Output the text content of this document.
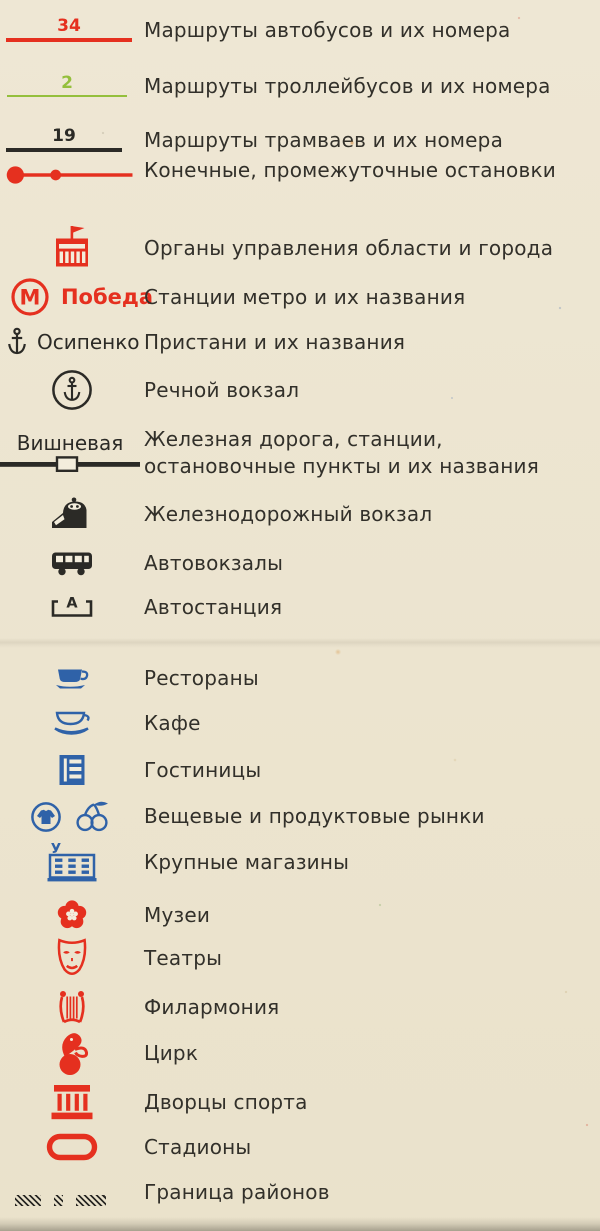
34	Маршруты автобусов и их номера
2	Маршруты троллейбусов и их номера
19	Маршруты трамваев и их номера
Конечные, промежуточные остановки
Органы управления области и города
М Победа
Станции метро и их названия
Осипенко Пристани и их названия
Речной вокзал
Вишневая Железная дорога, станции, остановочные пункты и их названия
Железнодорожный вокзал
Автовокзалы
А	Автостанция
Рестораны
Кафе
Гостиницы
Вещевые и продуктовые рынки
У
Крупные магазины
Музеи
Театры
Филармония
Цирк
Дворцы спорта
Стадионы
Граница районов
